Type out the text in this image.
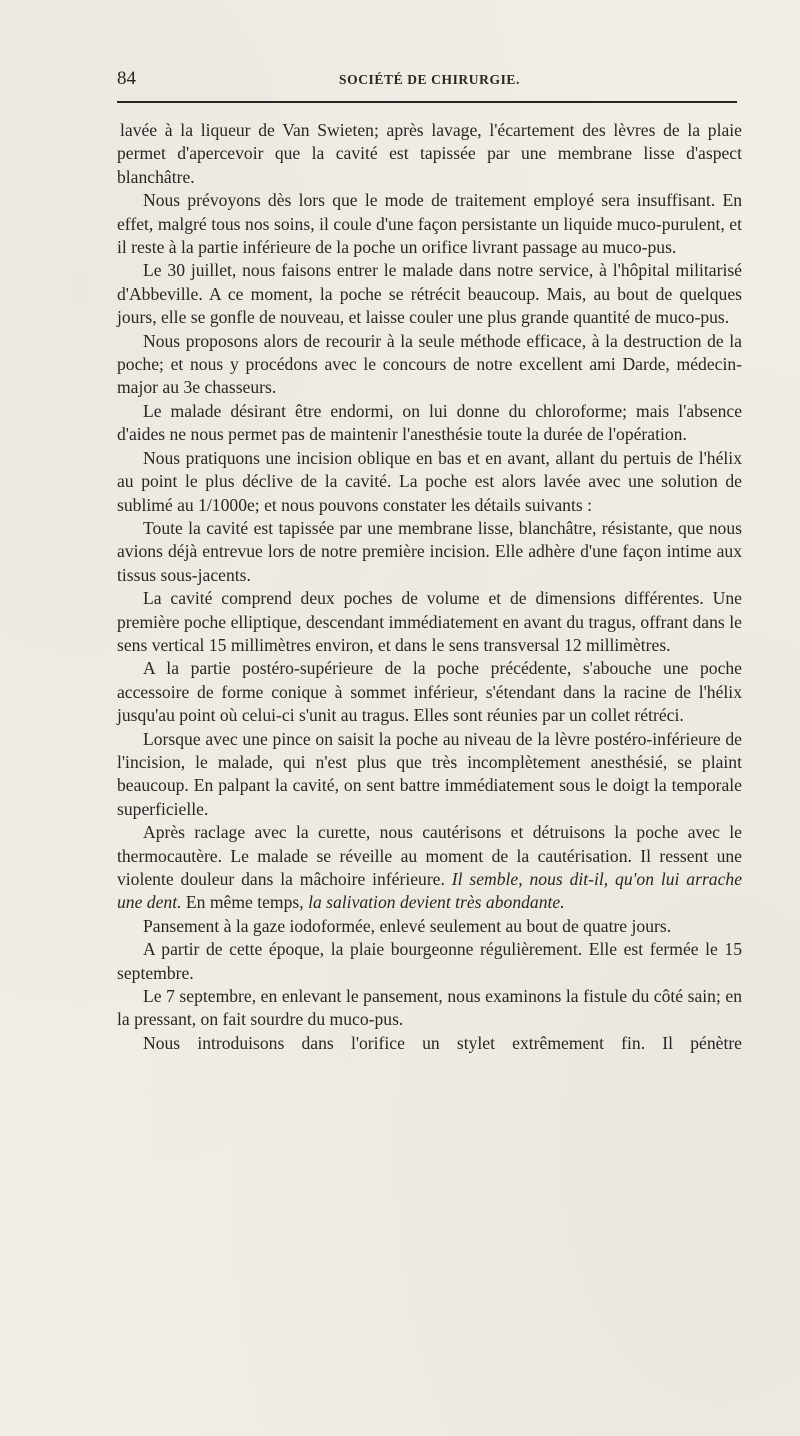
84	SOCIÉTÉ DE CHIRURGIE.

lavée à la liqueur de Van Swieten; après lavage, l'écartement des lèvres de la plaie permet d'apercevoir que la cavité est tapissée par une membrane lisse d'aspect blanchâtre.

Nous prévoyons dès lors que le mode de traitement employé sera insuffisant. En effet, malgré tous nos soins, il coule d'une façon persistante un liquide muco-purulent, et il reste à la partie inférieure de la poche un orifice livrant passage au muco-pus.

Le 30 juillet, nous faisons entrer le malade dans notre service, à l'hôpital militarisé d'Abbeville. A ce moment, la poche se rétrécit beaucoup. Mais, au bout de quelques jours, elle se gonfle de nouveau, et laisse couler une plus grande quantité de muco-pus.

Nous proposons alors de recourir à la seule méthode efficace, à la destruction de la poche; et nous y procédons avec le concours de notre excellent ami Darde, médecin-major au 3e chasseurs.

Le malade désirant être endormi, on lui donne du chloroforme; mais l'absence d'aides ne nous permet pas de maintenir l'anesthésie toute la durée de l'opération.

Nous pratiquons une incision oblique en bas et en avant, allant du pertuis de l'hélix au point le plus déclive de la cavité. La poche est alors lavée avec une solution de sublimé au 1/1000e; et nous pouvons constater les détails suivants :

Toute la cavité est tapissée par une membrane lisse, blanchâtre, résistante, que nous avions déjà entrevue lors de notre première incision. Elle adhère d'une façon intime aux tissus sous-jacents.

La cavité comprend deux poches de volume et de dimensions différentes. Une première poche elliptique, descendant immédiatement en avant du tragus, offrant dans le sens vertical 15 millimètres environ, et dans le sens transversal 12 millimètres.

A la partie postéro-supérieure de la poche précédente, s'abouche une poche accessoire de forme conique à sommet inférieur, s'étendant dans la racine de l'hélix jusqu'au point où celui-ci s'unit au tragus. Elles sont réunies par un collet rétréci.

Lorsque avec une pince on saisit la poche au niveau de la lèvre postéro-inférieure de l'incision, le malade, qui n'est plus que très incomplètement anesthésié, se plaint beaucoup. En palpant la cavité, on sent battre immédiatement sous le doigt la temporale superficielle.

Après raclage avec la curette, nous cautérisons et détruisons la poche avec le thermocautère. Le malade se réveille au moment de la cautérisation. Il ressent une violente douleur dans la mâchoire inférieure. Il semble, nous dit-il, qu'on lui arrache une dent. En même temps, la salivation devient très abondante.

Pansement à la gaze iodoformée, enlevé seulement au bout de quatre jours.

A partir de cette époque, la plaie bourgeonne régulièrement. Elle est fermée le 15 septembre.

Le 7 septembre, en enlevant le pansement, nous examinons la fistule du côté sain; en la pressant, on fait sourdre du muco-pus.

Nous introduisons dans l'orifice un stylet extrêmement fin. Il pénètre
